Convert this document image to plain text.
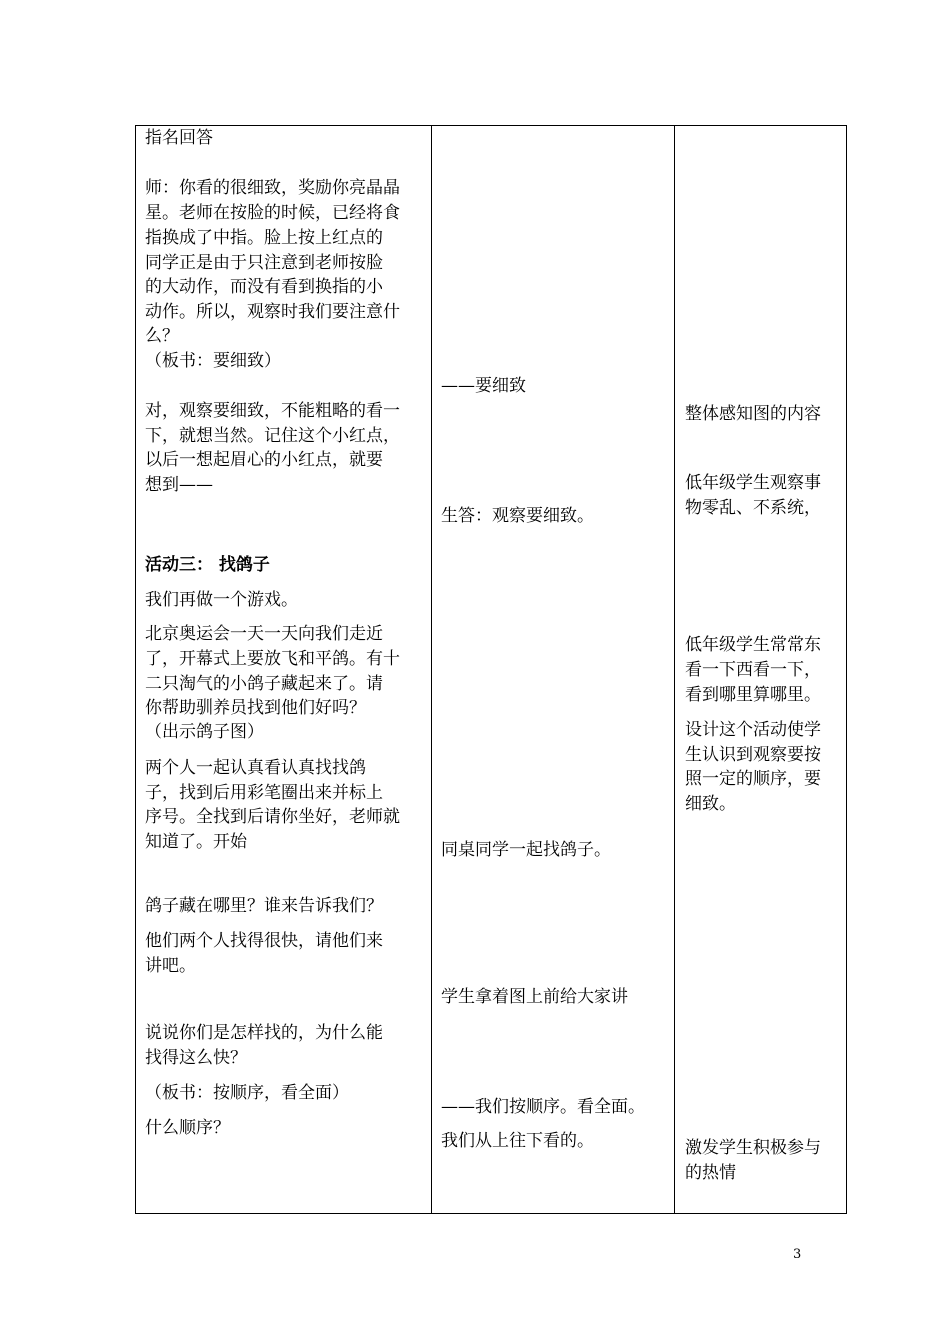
指名回答
师：你看的很细致，奖励你亮晶晶
星。老师在按脸的时候，已经将食
指换成了中指。脸上按上红点的
同学正是由于只注意到老师按脸
的大动作，而没有看到换指的小
动作。所以，观察时我们要注意什
么？
（板书：要细致）
对，观察要细致，不能粗略的看一
下，就想当然。记住这个小红点，
以后一想起眉心的小红点，就要
想到——
活动三： 找鸽子
我们再做一个游戏。
北京奥运会一天一天向我们走近
了，开幕式上要放飞和平鸽。有十
二只淘气的小鸽子藏起来了。请
你帮助驯养员找到他们好吗？
（出示鸽子图）
两个人一起认真看认真找找鸽
子，找到后用彩笔圈出来并标上
序号。全找到后请你坐好，老师就
知道了。开始
鸽子藏在哪里？谁来告诉我们？
他们两个人找得很快，请他们来
讲吧。
说说你们是怎样找的，为什么能
找得这么快？
（板书：按顺序，看全面）
什么顺序？
——要细致
生答：观察要细致。
同桌同学一起找鸽子。
学生拿着图上前给大家讲
——我们按顺序。看全面。
我们从上往下看的。
整体感知图的内容
低年级学生观察事
物零乱、不系统，
低年级学生常常东
看一下西看一下，
看到哪里算哪里。
设计这个活动使学
生认识到观察要按
照一定的顺序，要
细致。
激发学生积极参与
的热情
3
